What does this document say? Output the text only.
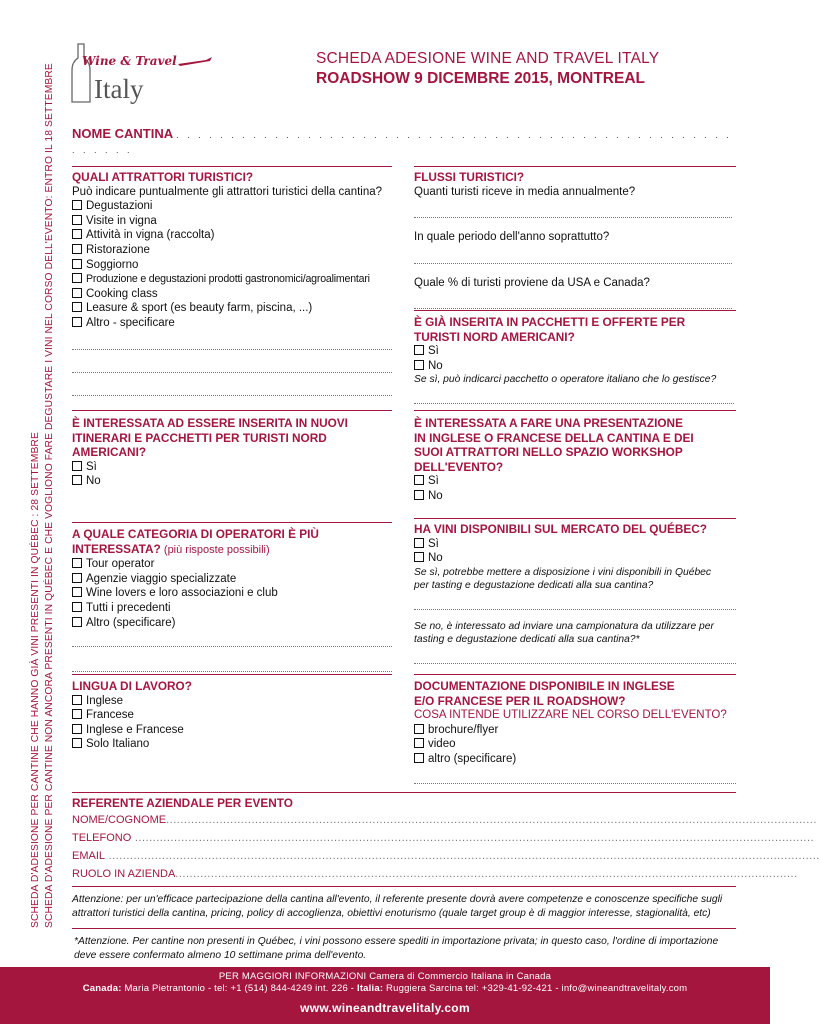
Wine & Travel
Italy
SCHEDA ADESIONE WINE AND TRAVEL ITALY
ROADSHOW 9 DICEMBRE 2015, MONTREAL
SCHEDA D'ADESIONE PER CANTINE CHE HANNO GIÀ VINI PRESENTI IN QUÉBEC : 28 SETTEMBRE SCHEDA D'ADESIONE PER CANTINE NON ANCORA PRESENTI IN QUÉBEC E CHE VOGLIONO FARE DEGUSTARE I VINI NEL CORSO DELL'EVENTO: ENTRO IL 18 SETTEMBRE NOME CANTINA . . . . . . . . . . . . . . . . . . . . . . . . . . . . . . . . . . . . . . . . . . . . . . . . . . . . . . . . .
QUALI ATTRATTORI TURISTICI?
Può indicare puntualmente gli attrattori turistici della cantina?
Degustazioni
Visite in vigna
Attività in vigna (raccolta)
Ristorazione
Soggiorno
Produzione e degustazioni prodotti gastronomici/agroalimentari
Cooking class
Leasure & sport (es beauty farm, piscina, ...)
Altro - specificare
FLUSSI TURISTICI?
Quanti turisti riceve in media annualmente?
In quale periodo dell'anno soprattutto?
Quale % di turisti proviene da USA e Canada?
È GIÀ INSERITA IN PACCHETTI E OFFERTE PER
TURISTI NORD AMERICANI?
Sì
No
Se sì, può indicarci pacchetto o operatore italiano che lo gestisce?
È INTERESSATA AD ESSERE INSERITA IN NUOVI
ITINERARI E PACCHETTI PER TURISTI NORD
AMERICANI?
Sì
No
È INTERESSATA A FARE UNA PRESENTAZIONE
IN INGLESE O FRANCESE DELLA CANTINA E DEI
SUOI ATTRATTORI NELLO SPAZIO WORKSHOP
DELL'EVENTO?
Sì
No
A QUALE CATEGORIA DI OPERATORI È PIÙ
INTERESSATA? (più risposte possibili)
Tour operator
Agenzie viaggio specializzate
Wine lovers e loro associazioni e club
Tutti i precedenti
Altro (specificare)
HA VINI DISPONIBILI SUL MERCATO DEL QUÉBEC?
Sì
No
Se sì, potrebbe mettere a disposizione i vini disponibili in Québec
per tasting e degustazione dedicati alla sua cantina?
Se no, è interessato ad inviare una campionatura da utilizzare per
tasting e degustazione dedicati alla sua cantina?*
LINGUA DI LAVORO?
Inglese
Francese
Inglese e Francese
Solo Italiano
DOCUMENTAZIONE DISPONIBILE IN INGLESE
E/O FRANCESE PER IL ROADSHOW?
COSA INTENDE UTILIZZARE NEL CORSO DELL'EVENTO?
brochure/flyer
video
altro (specificare)
REFERENTE AZIENDALE PER EVENTO
NOME/COGNOME.......................................................................................................................................................................................
TELEFONO ...............................................................................................................................................................................................
EMAIL ........................................................................................................................................................................................................
RUOLO IN AZIENDA...............................................................................................................................................................................
Attenzione: per un'efficace partecipazione della cantina all'evento, il referente presente dovrà avere competenze e conoscenze specifiche sugli
attrattori turistici della cantina, pricing, policy di accoglienza, obiettivi enoturismo (quale target group è di maggior interesse, stagionalità, etc)
*Attenzione. Per cantine non presenti in Québec, i vini possono essere spediti in importazione privata; in questo caso, l'ordine di importazione
deve essere confermato almeno 10 settimane prima dell'evento.
PER MAGGIORI INFORMAZIONI Camera di Commercio Italiana in Canada
Canada: Maria Pietrantonio - tel: +1 (514) 844-4249 int. 226 - Italia: Ruggiera Sarcina tel: +329-41-92-421 - info@wineandtravelitaly.com
www.wineandtravelitaly.com
